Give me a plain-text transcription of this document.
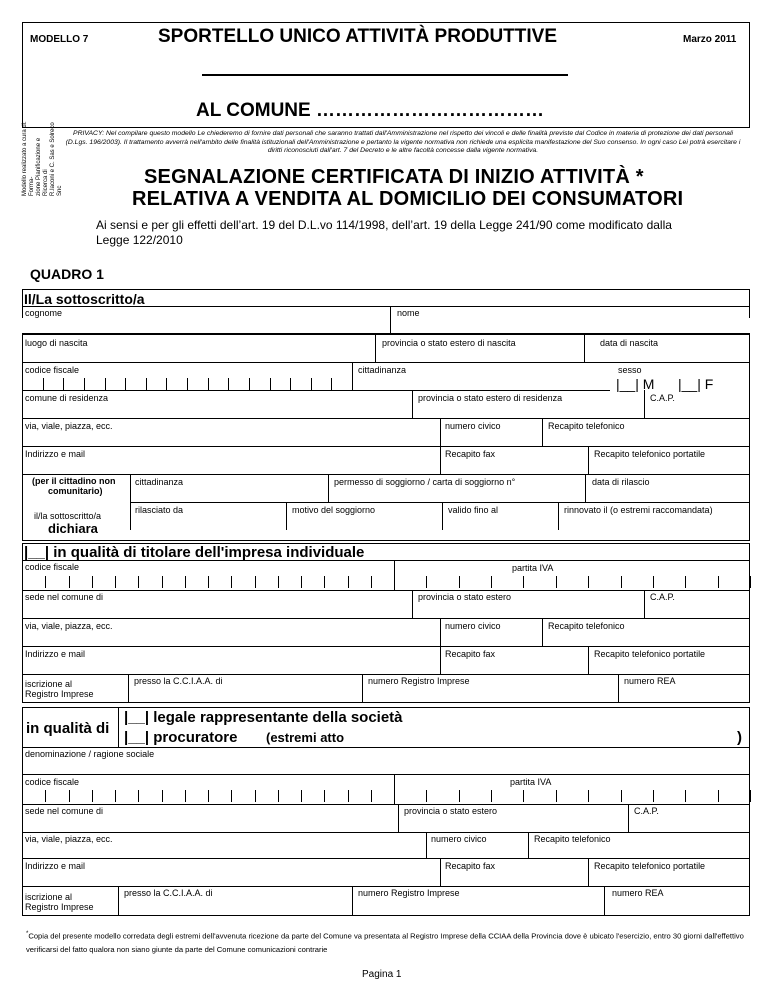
MODELLO 7	SPORTELLO UNICO ATTIVITÀ PRODUTTIVE	Marzo 2011
AL COMUNE ………………………………
Modello realizzato a cura di: Forma- zione Pianificazione e Ricerca di R.Iaconi e C. Sas e Solreco Snc
PRIVACY: Nel compilare questo modello Le chiederemo di fornire dati personali che saranno trattati dall'Amministrazione nel rispetto dei vincoli e delle finalità previste dal Codice in materia di protezione dei dati personali (D.Lgs. 196/2003). Il trattamento avverrà nell'ambito delle finalità istituzionali dell'Amministrazione e pertanto la vigente normativa non richiede una esplicita manifestazione del Suo consenso. In ogni caso Lei potrà esercitare i diritti riconosciuti dall'art. 7 del Decreto e le altre facoltà concesse dalla vigente normativa.
SEGNALAZIONE CERTIFICATA DI INIZIO ATTIVITÀ *
RELATIVA A VENDITA AL DOMICILIO DEI CONSUMATORI
Ai sensi e per gli effetti dell’art. 19 del D.L.vo 114/1998, dell’art. 19 della Legge 241/90 come modificato dalla Legge 122/2010
QUADRO 1
Il/La sottoscritto/a
cognome	nome
luogo di nascita	provincia o stato estero di nascita	data di nascita
codice fiscale	cittadinanza	sesso
|__| M |__| F
comune di residenza	provincia o stato estero di residenza	C.A.P.
via, viale, piazza, ecc.	numero civico	Recapito telefonico
Indirizzo e mail	Recapito fax	Recapito telefonico portatile
(per il cittadino non
comunitario)
cittadinanza	permesso di soggiorno / carta di soggiorno n°	data di rilascio
il/la sottoscritto/a
dichiara
rilasciato da	motivo del soggiorno	valido fino al	rinnovato il (o estremi raccomandata)
|__| in qualità di titolare dell'impresa individuale
codice fiscale	partita IVA
sede nel comune di	provincia o stato estero	C.A.P.
via, viale, piazza, ecc.	numero civico	Recapito telefonico
Indirizzo e mail	Recapito fax	Recapito telefonico portatile
iscrizione al
Registro Imprese
presso la C.C.I.A.A. di	numero Registro Imprese	numero REA
in qualità di
|__| legale rappresentante della società
|__| procuratore (estremi atto	)
denominazione / ragione sociale
codice fiscale	partita IVA
sede nel comune di	provincia o stato estero	C.A.P.
via, viale, piazza, ecc.	numero civico	Recapito telefonico
Indirizzo e mail	Recapito fax	Recapito telefonico portatile
iscrizione al
Registro Imprese
presso la C.C.I.A.A. di	numero Registro Imprese	numero REA
*Copia del presente modello corredata degli estremi dell'avvenuta ricezione da parte del Comune va presentata al Registro Imprese della CCIAA della Provincia dove è ubicato l'esercizio, entro 30 giorni dall'effettivo verificarsi del fatto qualora non siano giunte da parte del Comune comunicazioni contrarie
Pagina 1
